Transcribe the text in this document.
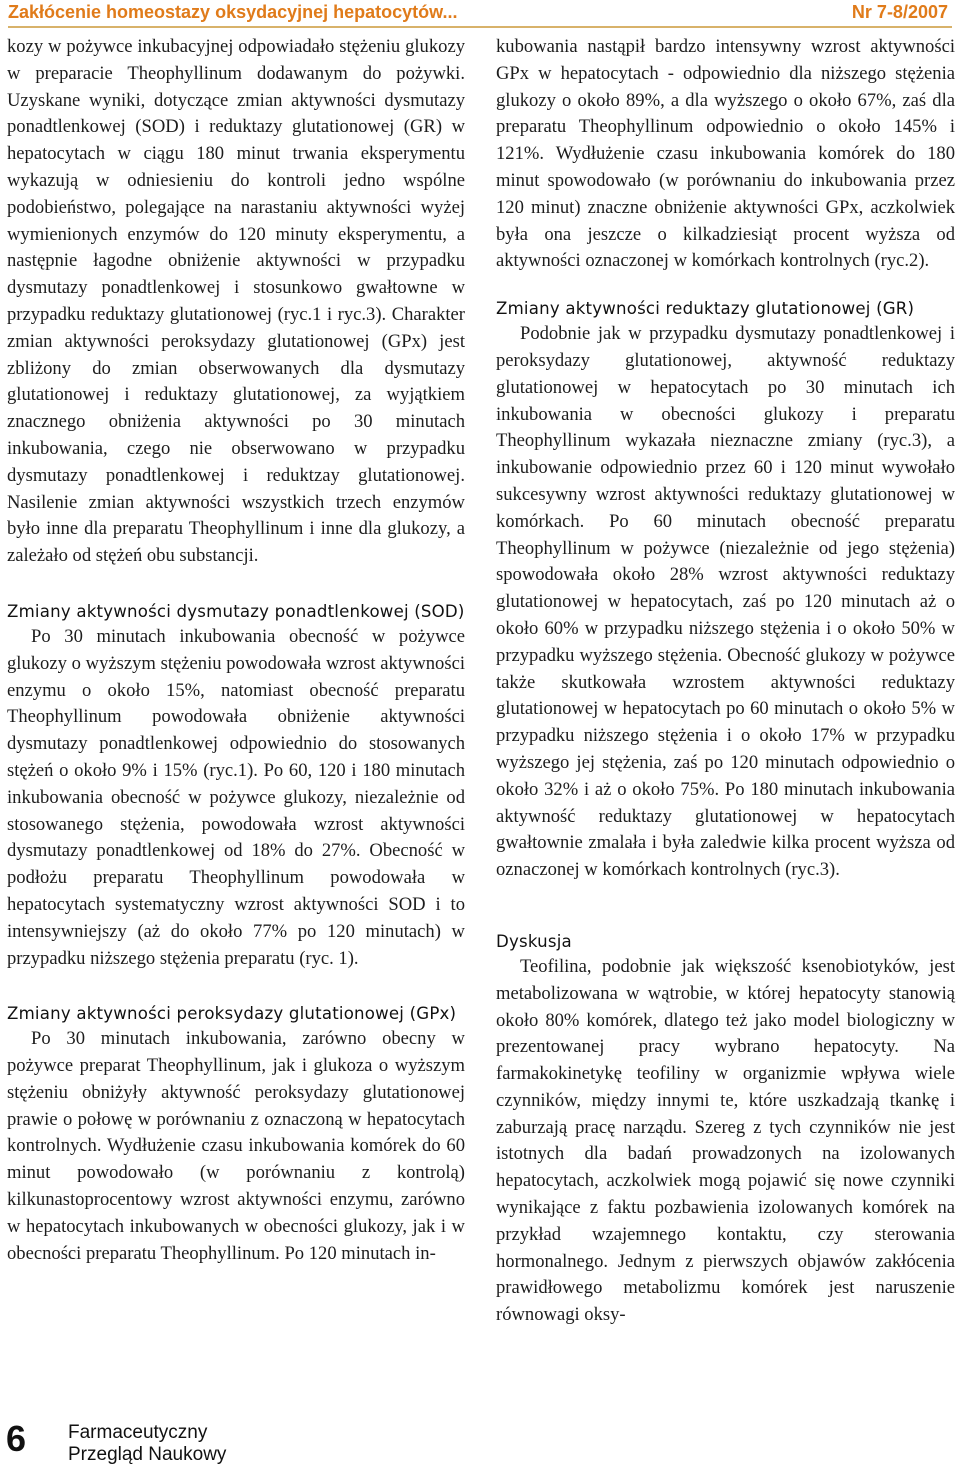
Zakłócenie homeostazy oksydacyjnej hepatocytów...	Nr 7-8/2007

kozy w pożywce inkubacyjnej odpowiadało stężeniu glukozy w preparacie Theophyllinum dodawanym do pożywki. Uzyskane wyniki, dotyczące zmian aktywności dysmutazy ponadtlenkowej (SOD) i reduktazy glutationowej (GR) w hepatocytach w ciągu 180 minut trwania eksperymentu wykazują w odniesieniu do kontroli jedno wspólne podobieństwo, polegające na narastaniu aktywności wyżej wymienionych enzymów do 120 minuty eksperymentu, a następnie łagodne obniżenie aktywności w przypadku dysmutazy ponadtlenkowej i stosunkowo gwałtowne w przypadku reduktazy glutationowej (ryc.1 i ryc.3). Charakter zmian aktywności peroksydazy glutationowej (GPx) jest zbliżony do zmian obserwowanych dla dysmutazy glutationowej i reduktazy glutationowej, za wyjątkiem znacznego obniżenia aktywności po 30 minutach inkubowania, czego nie obserwowano w przypadku dysmutazy ponadtlenkowej i reduktzay glutationowej. Nasilenie zmian aktywności wszystkich trzech enzymów było inne dla preparatu Theophyllinum i inne dla glukozy, a zależało od stężeń obu substancji.

Zmiany aktywności dysmutazy ponadtlenkowej (SOD)

Po 30 minutach inkubowania obecność w pożywce glukozy o wyższym stężeniu powodowała wzrost aktywności enzymu o około 15%, natomiast obecność preparatu Theophyllinum powodowała obniżenie aktywności dysmutazy ponadtlenkowej odpowiednio do stosowanych stężeń o około 9% i 15% (ryc.1). Po 60, 120 i 180 minutach inkubowania obecność w pożywce glukozy, niezależnie od stosowanego stężenia, powodowała wzrost aktywności dysmutazy ponadtlenkowej od 18% do 27%. Obecność w podłożu preparatu Theophyllinum powodowała w hepatocytach systematyczny wzrost aktywności SOD i to intensywniejszy (aż do około 77% po 120 minutach) w przypadku niższego stężenia preparatu (ryc. 1).

Zmiany aktywności peroksydazy glutationowej (GPx)

Po 30 minutach inkubowania, zarówno obecny w pożywce preparat Theophyllinum, jak i glukoza o wyższym stężeniu obniżyły aktywność peroksydazy glutationowej prawie o połowę w porównaniu z oznaczoną w hepatocytach kontrolnych. Wydłużenie czasu inkubowania komórek do 60 minut powodowało (w porównaniu z kontrolą) kilkunastoprocentowy wzrost aktywności enzymu, zarówno w hepatocytach inkubowanych w obecności glukozy, jak i w obecności preparatu Theophyllinum. Po 120 minutach in-

kubowania nastąpił bardzo intensywny wzrost aktywności GPx w hepatocytach - odpowiednio dla niższego stężenia glukozy o około 89%, a dla wyższego o około 67%, zaś dla preparatu Theophyllinum odpowiednio o około 145% i 121%. Wydłużenie czasu inkubowania komórek do 180 minut spowodowało (w porównaniu do inkubowania przez 120 minut) znaczne obniżenie aktywności GPx, aczkolwiek była ona jeszcze o kilkadziesiąt procent wyższa od aktywności oznaczonej w komórkach kontrolnych (ryc.2).

Zmiany aktywności reduktazy glutationowej (GR)

Podobnie jak w przypadku dysmutazy ponadtlenkowej i peroksydazy glutationowej, aktywność reduktazy glutationowej w hepatocytach po 30 minutach ich inkubowania w obecności glukozy i preparatu Theophyllinum wykazała nieznaczne zmiany (ryc.3), a inkubowanie odpowiednio przez 60 i 120 minut wywołało sukcesywny wzrost aktywności reduktazy glutationowej w komórkach. Po 60 minutach obecność preparatu Theophyllinum w pożywce (niezależnie od jego stężenia) spowodowała około 28% wzrost aktywności reduktazy glutationowej w hepatocytach, zaś po 120 minutach aż o około 60% w przypadku niższego stężenia i o około 50% w przypadku wyższego stężenia. Obecność glukozy w pożywce także skutkowała wzrostem aktywności reduktazy glutationowej w hepatocytach po 60 minutach o około 5% w przypadku niższego stężenia i o około 17% w przypadku wyższego jej stężenia, zaś po 120 minutach odpowiednio o około 32% i aż o około 75%. Po 180 minutach inkubowania aktywność reduktazy glutationowej w hepatocytach gwałtownie zmalała i była zaledwie kilka procent wyższa od oznaczonej w komórkach kontrolnych (ryc.3).

Dyskusja

Teofilina, podobnie jak większość ksenobiotyków, jest metabolizowana w wątrobie, w której hepatocyty stanowią około 80% komórek, dlatego też jako model biologiczny w prezentowanej pracy wybrano hepatocyty. Na farmakokinetykę teofiliny w organizmie wpływa wiele czynników, między innymi te, które uszkadzają tkankę i zaburzają pracę narządu. Szereg z tych czynników nie jest istotnych dla badań prowadzonych na izolowanych hepatocytach, aczkolwiek mogą pojawić się nowe czynniki wynikające z faktu pozbawienia izolowanych komórek na przykład wzajemnego kontaktu, czy sterowania hormonalnego. Jednym z pierwszych objawów zakłócenia prawidłowego metabolizmu komórek jest naruszenie równowagi oksy-

6 Farmaceutyczny
Przegląd Naukowy
